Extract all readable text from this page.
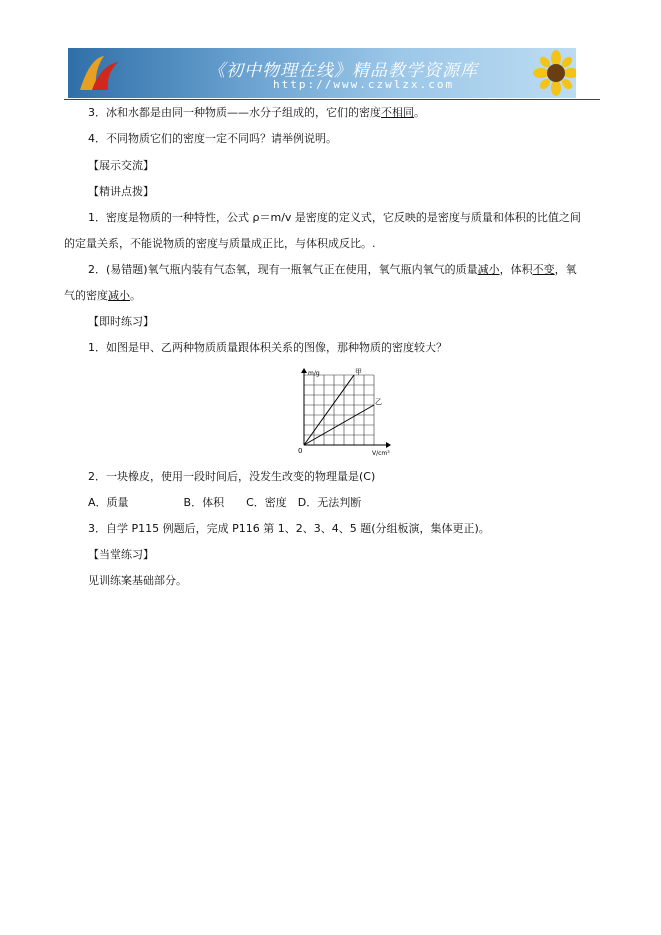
《初中物理在线》精品教学资源库
http://www.czwlzx.com
3．冰和水都是由同一种物质——水分子组成的，它们的密度不相同。
4．不同物质它们的密度一定不同吗？请举例说明。
【展示交流】
【精讲点拨】
1．密度是物质的一种特性，公式 ρ＝m/v 是密度的定义式，它反映的是密度与质量和体积的比值之间
的定量关系，不能说物质的密度与质量成正比，与体积成反比。.
2．(易错题)氧气瓶内装有气态氧，现有一瓶氧气正在使用，氧气瓶内氧气的质量减小，体积不变，氧
气的密度减小。
【即时练习】
1．如图是甲、乙两种物质质量跟体积关系的图像，那种物质的密度较大？
m/g
V/cm³
0
甲
乙
2．一块橡皮，使用一段时间后，没发生改变的物理量是(C)
A．质量　　　　　B．体积　　C．密度　D．无法判断
3．自学 P115 例题后，完成 P116 第 1、2、3、4、5 题(分组板演，集体更正)。
【当堂练习】
见训练案基础部分。
